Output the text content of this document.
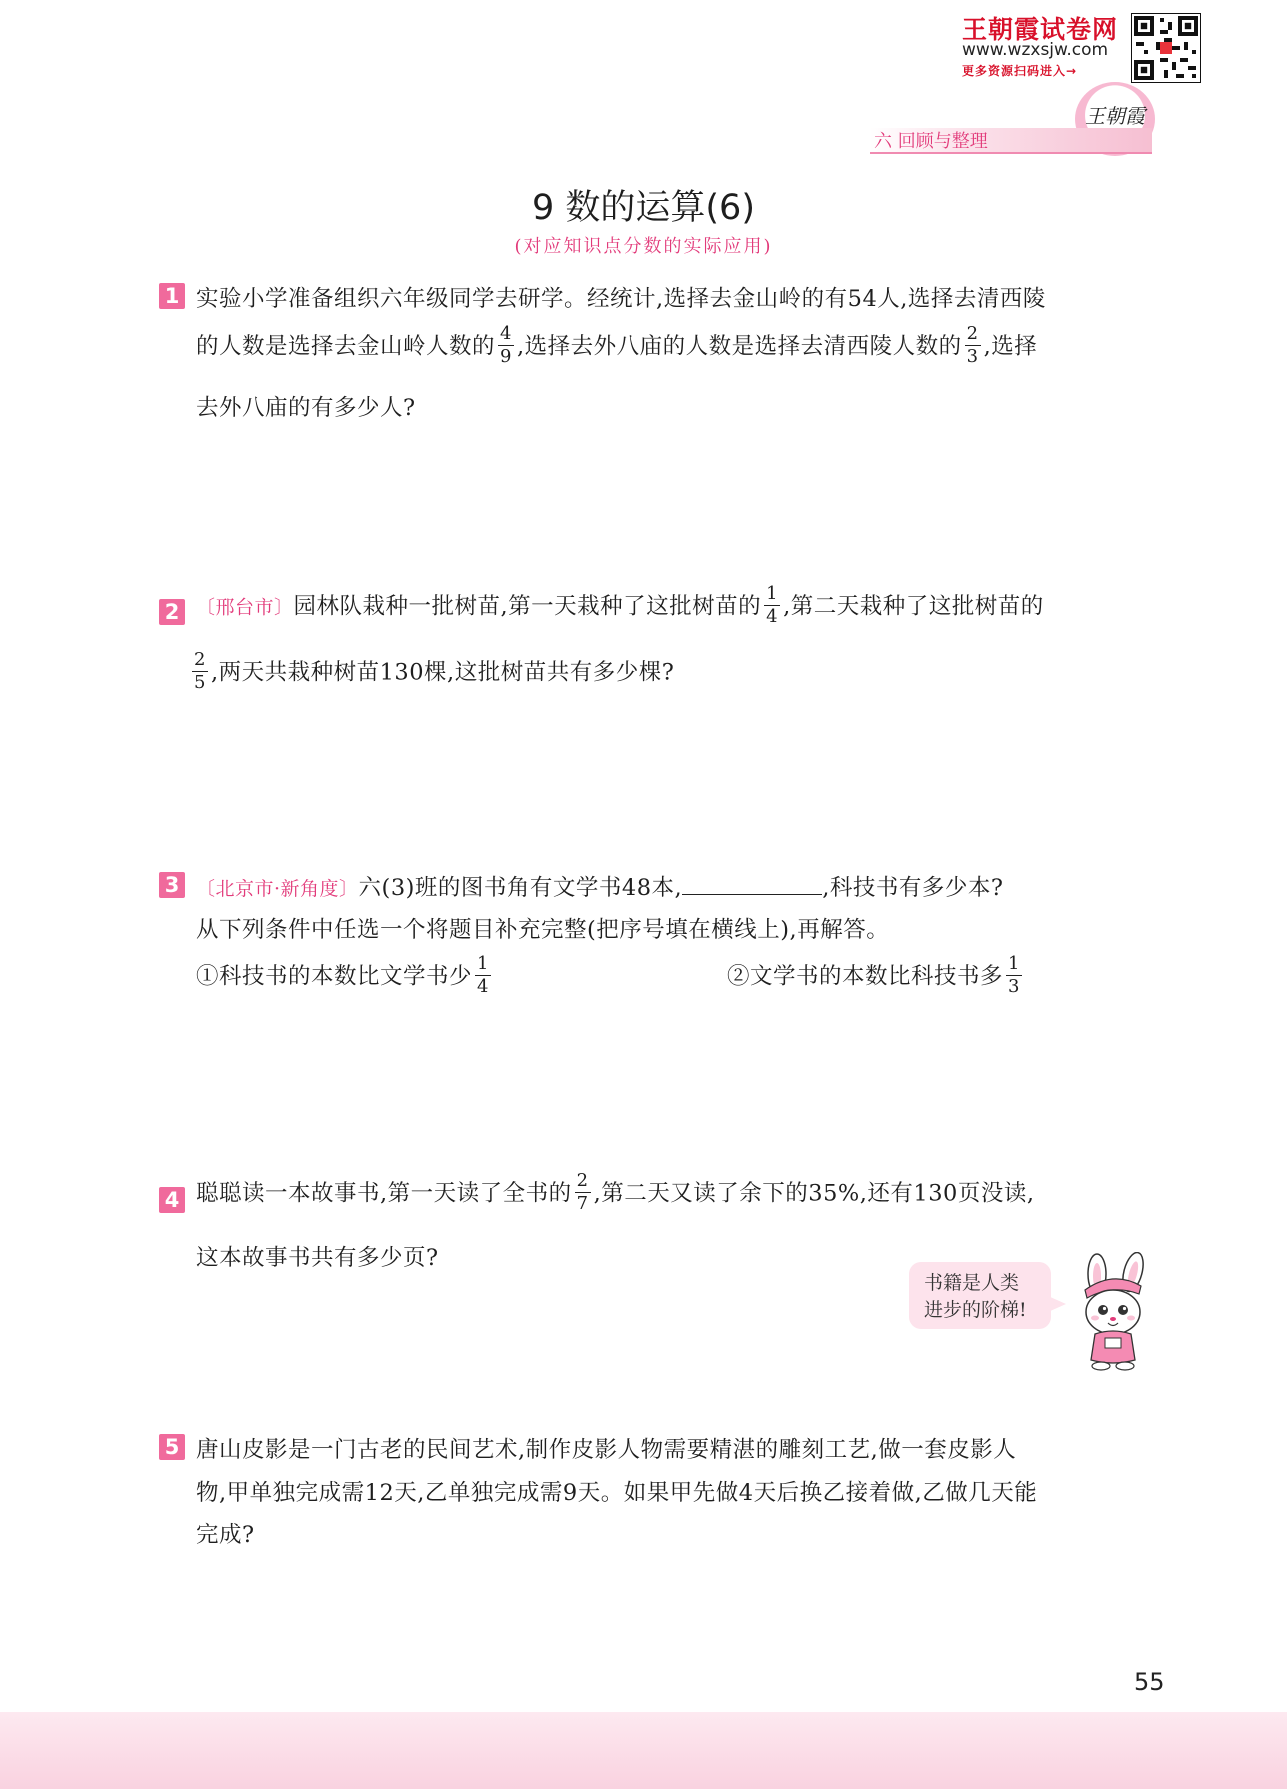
王朝霞试卷网
www.wzxsjw.com
更多资源扫码进入→
王朝霞
六 回顾与整理
9 数的运算(6)
(对应知识点分数的实际应用)
1 实验小学准备组织六年级同学去研学。经统计,选择去金山岭的有54人,选择去清西陵
的人数是选择去金山岭人数的 $\frac{4}{9}$ ,选择去外八庙的人数是选择去清西陵人数的 $\frac{2}{3}$ ,选择
去外八庙的有多少人?
2 〔邢台市〕园林队栽种一批树苗,第一天栽种了这批树苗的 $\frac{1}{4}$ ,第二天栽种了这批树苗的
$\frac{2}{5}$ ,两天共栽种树苗130棵,这批树苗共有多少棵?
3 〔北京市·新角度〕六(3)班的图书角有文学书48本,	,科技书有多少本?
从下列条件中任选一个将题目补充完整(把序号填在横线上),再解答。
①科技书的本数比文学书少 $\frac{1}{4}$	②文学书的本数比科技书多 $\frac{1}{3}$
4 聪聪读一本故事书,第一天读了全书的 $\frac{2}{7}$ ,第二天又读了余下的35%,还有130页没读,
这本故事书共有多少页?
书籍是人类
进步的阶梯!
5 唐山皮影是一门古老的民间艺术,制作皮影人物需要精湛的雕刻工艺,做一套皮影人
物,甲单独完成需12天,乙单独完成需9天。如果甲先做4天后换乙接着做,乙做几天能
完成?
55
